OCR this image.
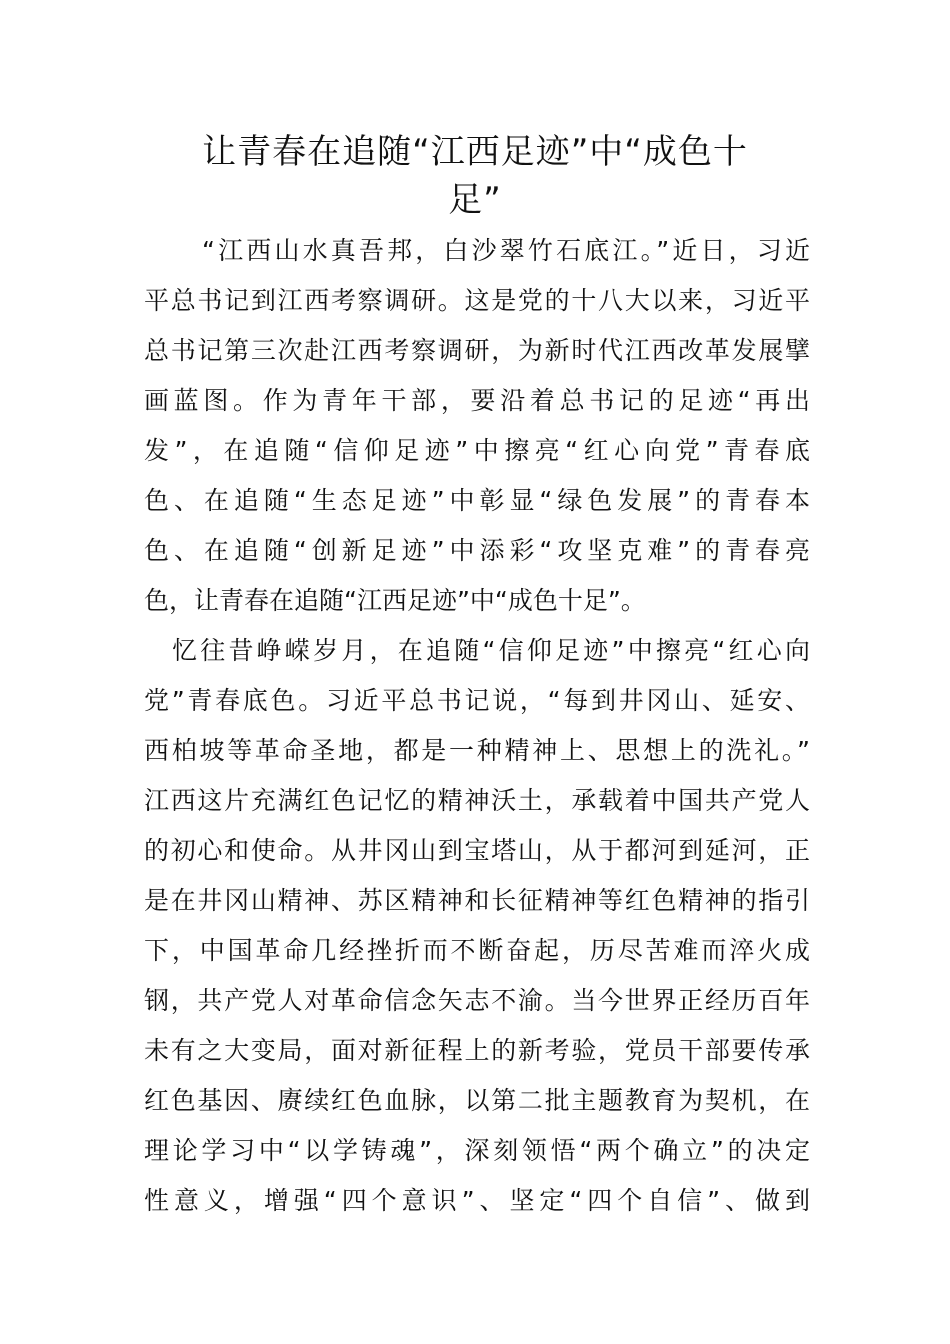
让青春在追随“江西足迹”中“成色十
足”
“江西山水真吾邦，白沙翠竹石底江。”近日，习近
平总书记到江西考察调研。这是党的十八大以来，习近平
总书记第三次赴江西考察调研，为新时代江西改革发展擘
画蓝图。作为青年干部，要沿着总书记的足迹“再出
发”，在追随“信仰足迹”中擦亮“红心向党”青春底
色、在追随“生态足迹”中彰显“绿色发展”的青春本
色、在追随“创新足迹”中添彩“攻坚克难”的青春亮
色，让青春在追随“江西足迹”中“成色十足”。
忆往昔峥嵘岁月，在追随“信仰足迹”中擦亮“红心向
党”青春底色。习近平总书记说，“每到井冈山、延安、
西柏坡等革命圣地，都是一种精神上、思想上的洗礼。”
江西这片充满红色记忆的精神沃土，承载着中国共产党人
的初心和使命。从井冈山到宝塔山，从于都河到延河，正
是在井冈山精神、苏区精神和长征精神等红色精神的指引
下，中国革命几经挫折而不断奋起，历尽苦难而淬火成
钢，共产党人对革命信念矢志不渝。当今世界正经历百年
未有之大变局，面对新征程上的新考验，党员干部要传承
红色基因、赓续红色血脉，以第二批主题教育为契机，在
理论学习中“以学铸魂”，深刻领悟“两个确立”的决定
性意义，增强“四个意识”、坚定“四个自信”、做到
